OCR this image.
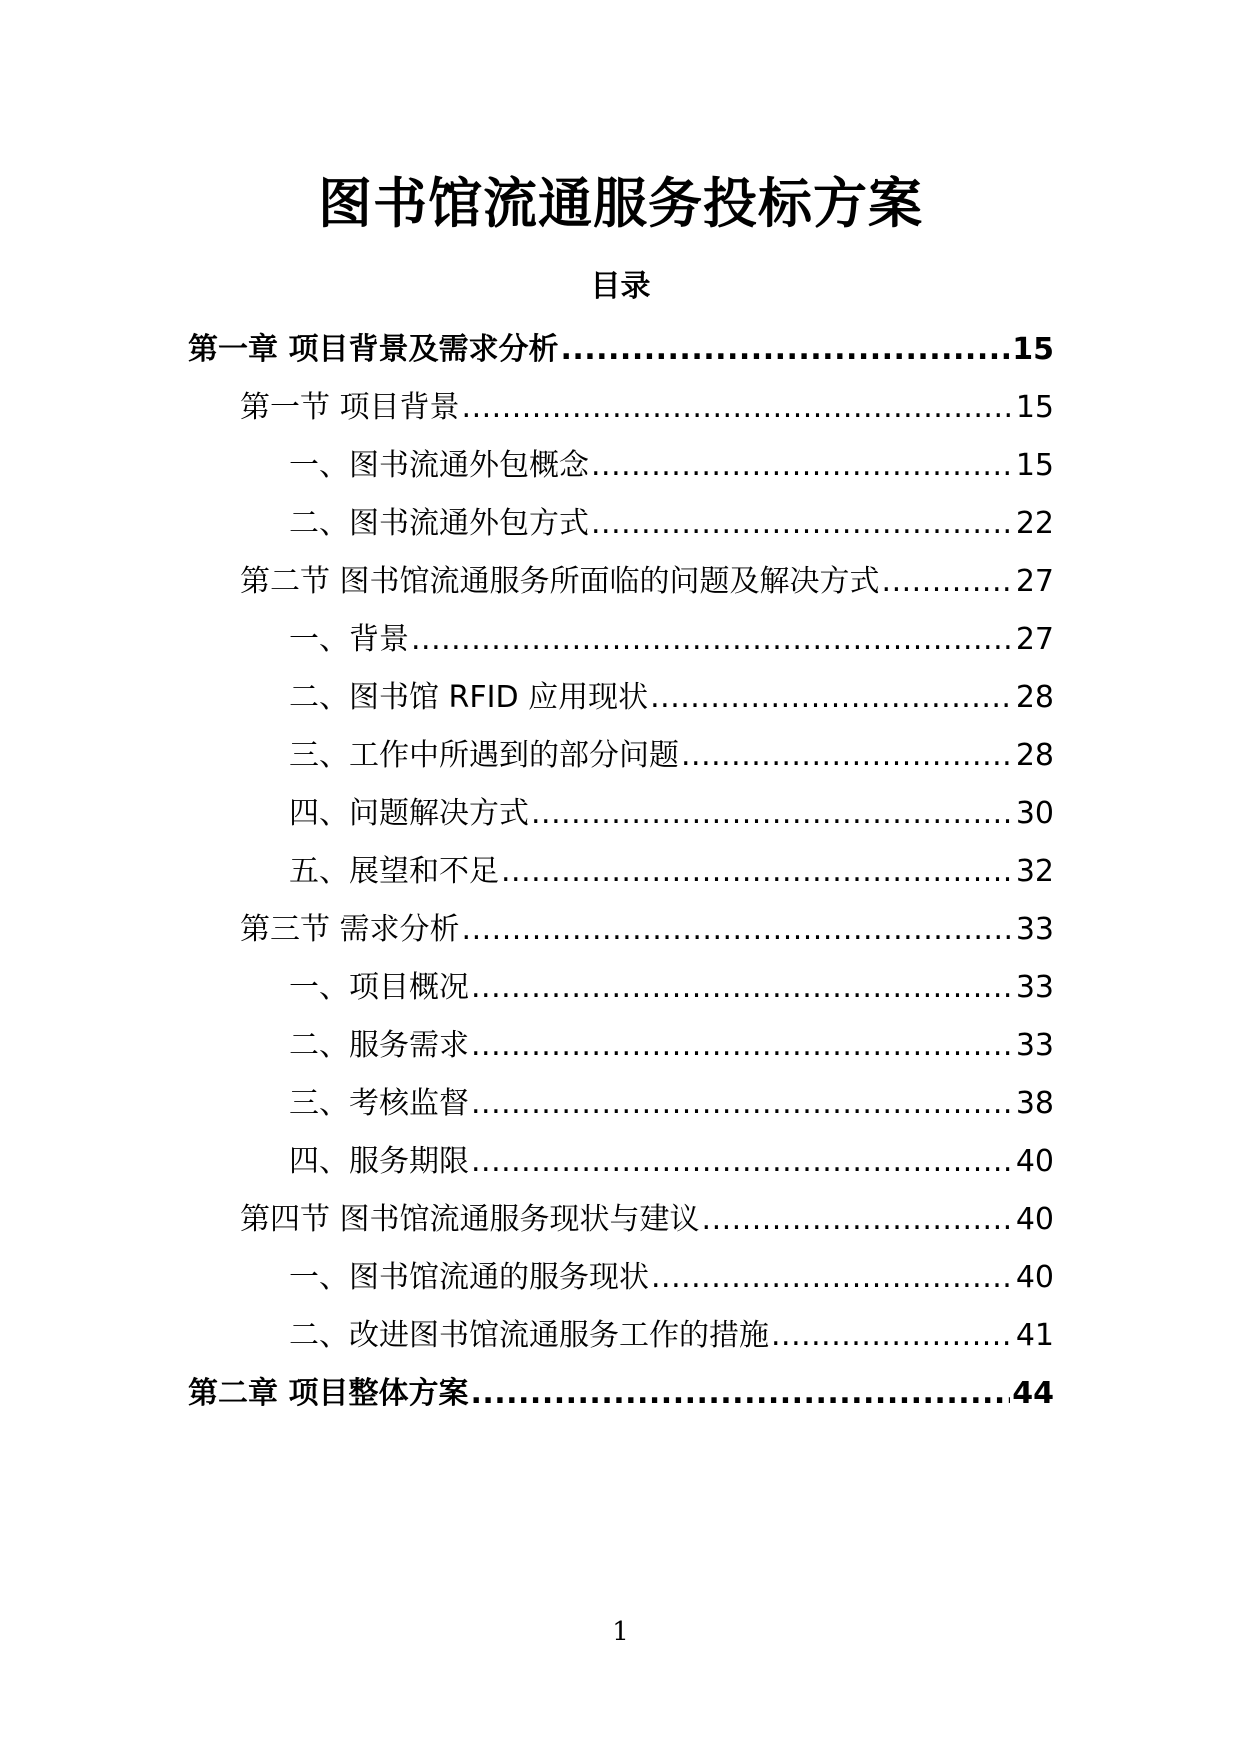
图书馆流通服务投标方案
目录
第一章 项目背景及需求分析 .....	15
第一节 项目背景 .....	15
一、图书流通外包概念 .....	15
二、图书流通外包方式 .....	22
第二节 图书馆流通服务所面临的问题及解决方式 .....	27
一、背景 .....	27
二、图书馆 RFID 应用现状 .....	28
三、工作中所遇到的部分问题 .....	28
四、问题解决方式 .....	30
五、展望和不足 .....	32
第三节 需求分析 .....	33
一、项目概况 .....	33
二、服务需求 .....	33
三、考核监督 .....	38
四、服务期限 .....	40
第四节 图书馆流通服务现状与建议 .....	40
一、图书馆流通的服务现状 .....	40
二、改进图书馆流通服务工作的措施 .....	41
第二章 项目整体方案 .....	44
1
